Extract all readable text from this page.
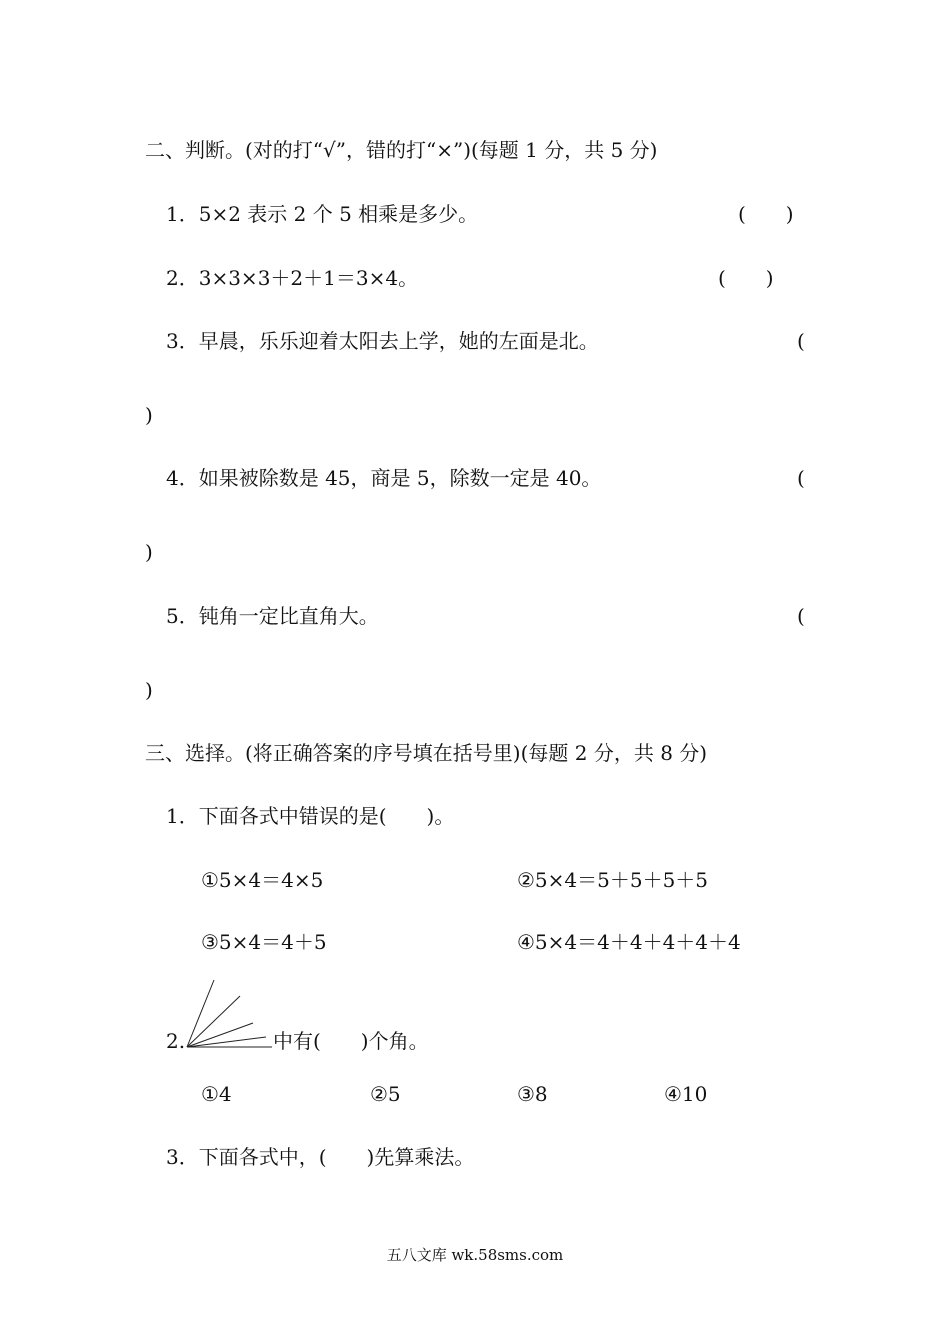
二、判断。(对的打“√”，错的打“×”)(每题 1 分，共 5 分)
1．5×2 表示 2 个 5 相乘是多少。	(　　)
2．3×3×3＋2＋1＝3×4。	(　　)
3．早晨，乐乐迎着太阳去上学，她的左面是北。	(
)
4．如果被除数是 45，商是 5，除数一定是 40。	(
)
5．钝角一定比直角大。	(
)
三、选择。(将正确答案的序号填在括号里)(每题 2 分，共 8 分)
1．下面各式中错误的是(　　)。
①5×4＝4×5	②5×4＝5＋5＋5＋5
③5×4＝4＋5	④5×4＝4＋4＋4＋4＋4
2.	中有(　　)个角。
①4	②5	③8	④10
3．下面各式中，(　　)先算乘法。
五八文库 wk.58sms.com
